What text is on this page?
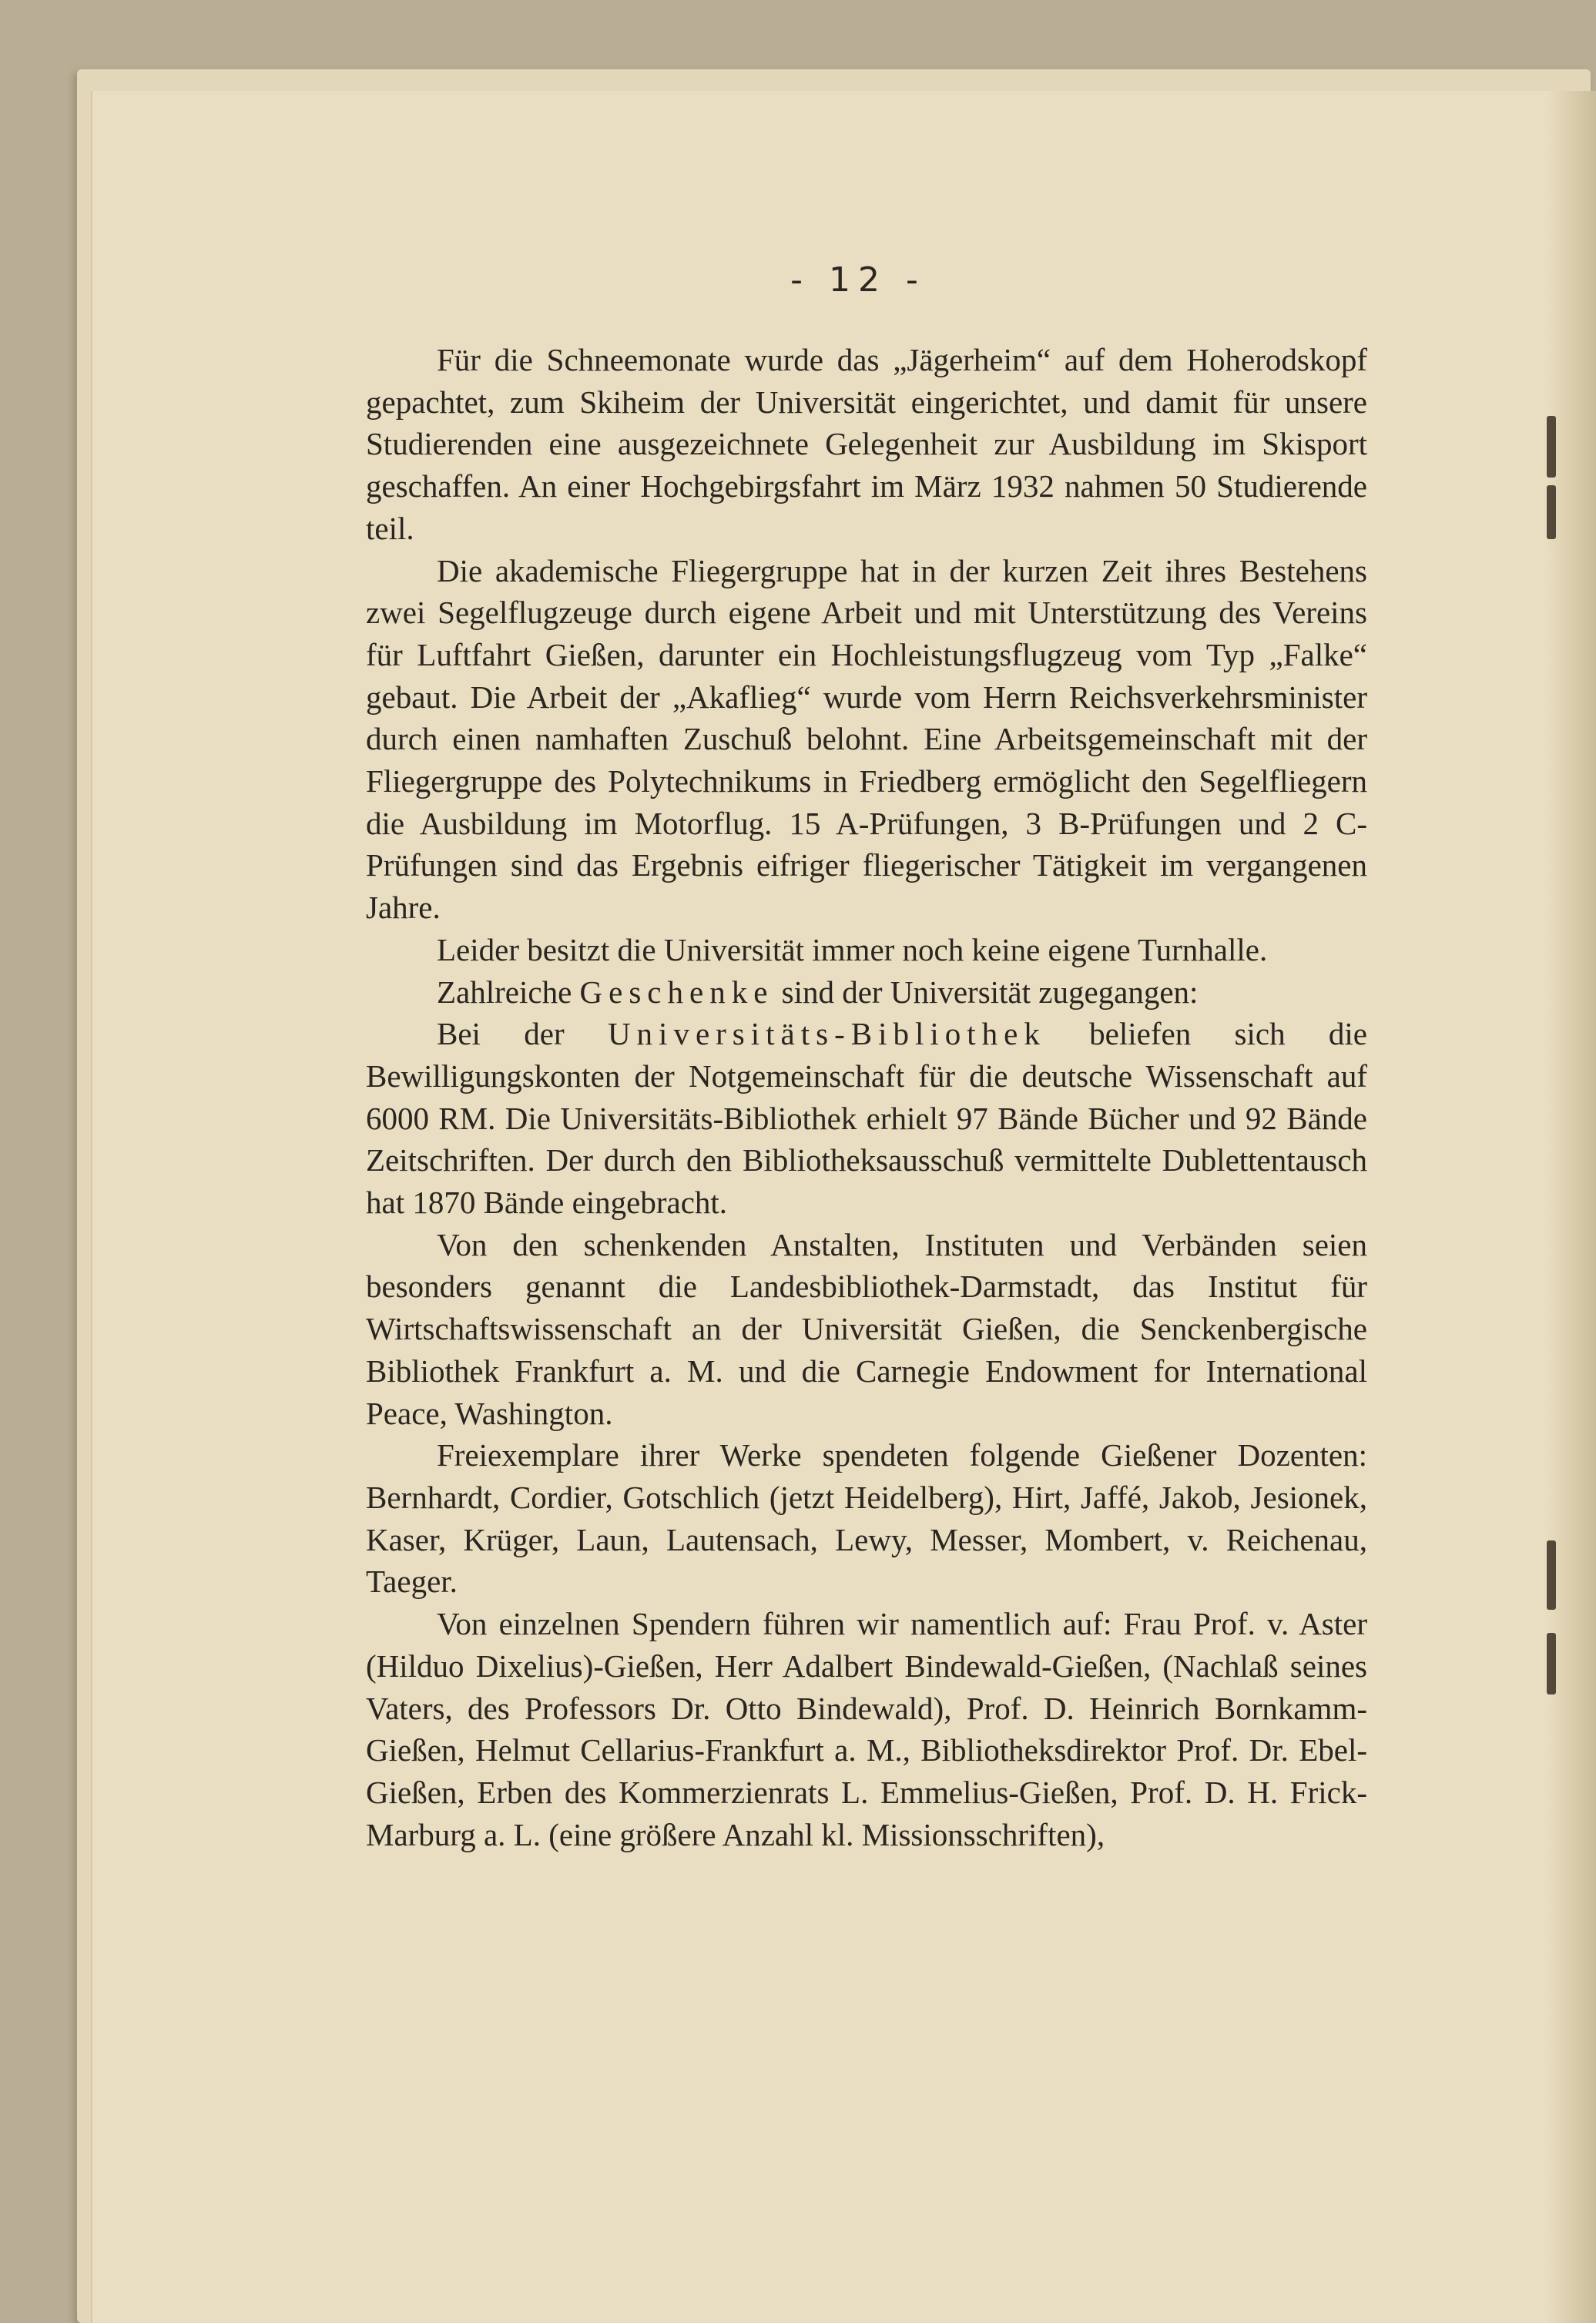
- 12 -

Für die Schneemonate wurde das „Jägerheim“ auf dem Hoherodskopf gepachtet, zum Skiheim der Universität eingerichtet, und damit für unsere Studierenden eine ausgezeichnete Gelegenheit zur Ausbildung im Skisport geschaffen. An einer Hochgebirgsfahrt im März 1932 nahmen 50 Studierende teil.

Die akademische Fliegergruppe hat in der kurzen Zeit ihres Bestehens zwei Segelflugzeuge durch eigene Arbeit und mit Unterstützung des Vereins für Luftfahrt Gießen, darunter ein Hochleistungsflugzeug vom Typ „Falke“ gebaut. Die Arbeit der „Akaflieg“ wurde vom Herrn Reichsverkehrsminister durch einen namhaften Zuschuß belohnt. Eine Arbeitsgemeinschaft mit der Fliegergruppe des Polytechnikums in Friedberg ermöglicht den Segelfliegern die Ausbildung im Motorflug. 15 A-Prüfungen, 3 B-Prüfungen und 2 C-Prüfungen sind das Ergebnis eifriger fliegerischer Tätigkeit im vergangenen Jahre.

Leider besitzt die Universität immer noch keine eigene Turnhalle.

Zahlreiche Geschenke sind der Universität zugegangen:

Bei der Universitäts-Bibliothek beliefen sich die Bewilligungskonten der Notgemeinschaft für die deutsche Wissenschaft auf 6000 RM. Die Universitäts-Bibliothek erhielt 97 Bände Bücher und 92 Bände Zeitschriften. Der durch den Bibliotheksausschuß vermittelte Dublettentausch hat 1870 Bände eingebracht.

Von den schenkenden Anstalten, Instituten und Verbänden seien besonders genannt die Landesbibliothek-Darmstadt, das Institut für Wirtschaftswissenschaft an der Universität Gießen, die Senckenbergische Bibliothek Frankfurt a. M. und die Carnegie Endowment for International Peace, Washington.

Freiexemplare ihrer Werke spendeten folgende Gießener Dozenten: Bernhardt, Cordier, Gotschlich (jetzt Heidelberg), Hirt, Jaffé, Jakob, Jesionek, Kaser, Krüger, Laun, Lautensach, Lewy, Messer, Mombert, v. Reichenau, Taeger.

Von einzelnen Spendern führen wir namentlich auf: Frau Prof. v. Aster (Hilduo Dixelius)-Gießen, Herr Adalbert Bindewald-Gießen, (Nachlaß seines Vaters, des Professors Dr. Otto Bindewald), Prof. D. Heinrich Bornkamm-Gießen, Helmut Cellarius-Frankfurt a. M., Bibliotheksdirektor Prof. Dr. Ebel-Gießen, Erben des Kommerzienrats L. Emmelius-Gießen, Prof. D. H. Frick-Marburg a. L. (eine größere Anzahl kl. Missionsschriften),
